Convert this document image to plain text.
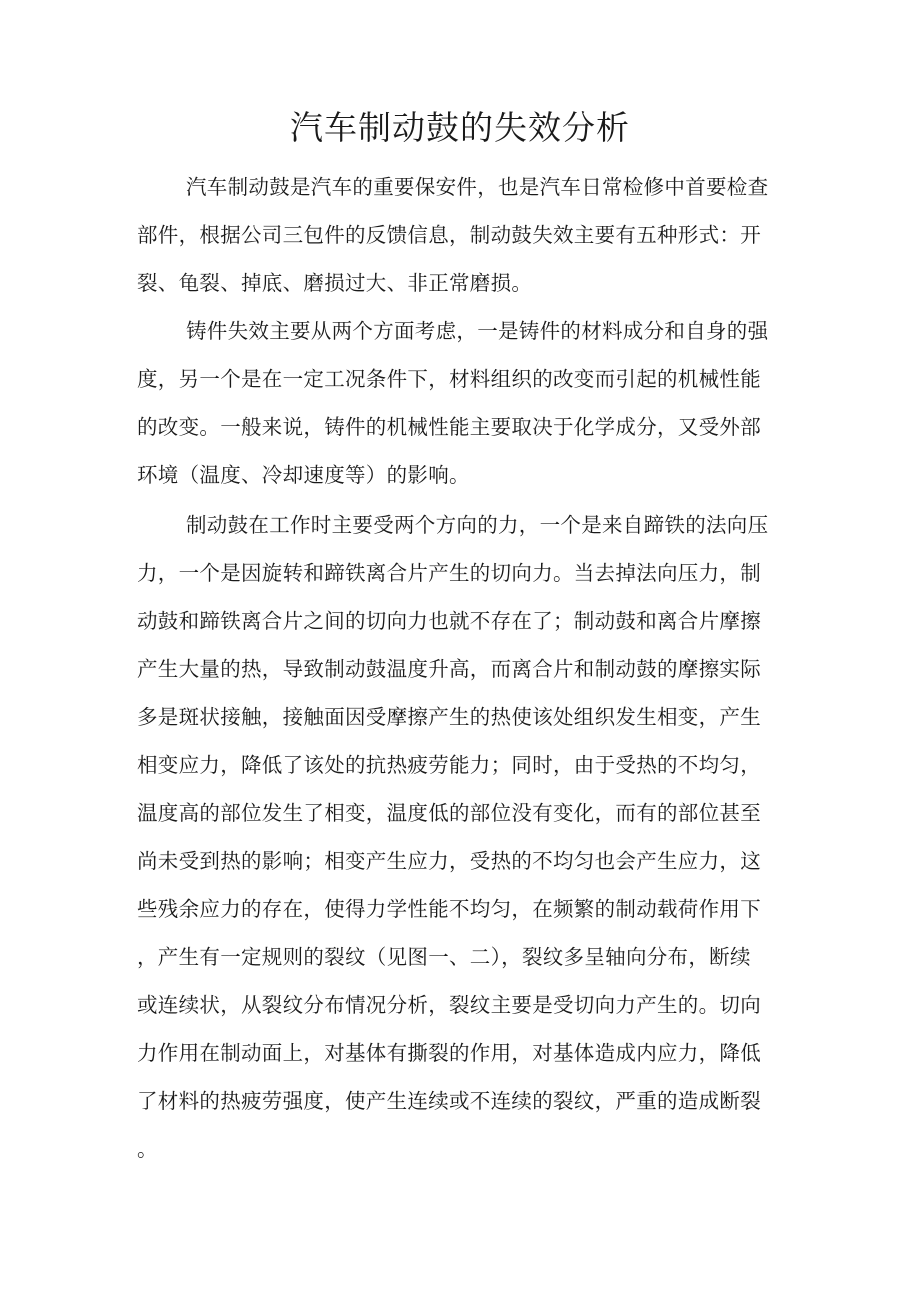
汽车制动鼓的失效分析
汽车制动鼓是汽车的重要保安件，也是汽车日常检修中首要检查
部件，根据公司三包件的反馈信息，制动鼓失效主要有五种形式：开
裂、龟裂、掉底、磨损过大、非正常磨损。
铸件失效主要从两个方面考虑，一是铸件的材料成分和自身的强
度，另一个是在一定工况条件下，材料组织的改变而引起的机械性能
的改变。一般来说，铸件的机械性能主要取决于化学成分，又受外部
环境（温度、冷却速度等）的影响。
制动鼓在工作时主要受两个方向的力，一个是来自蹄铁的法向压
力，一个是因旋转和蹄铁离合片产生的切向力。当去掉法向压力，制
动鼓和蹄铁离合片之间的切向力也就不存在了；制动鼓和离合片摩擦
产生大量的热，导致制动鼓温度升高，而离合片和制动鼓的摩擦实际
多是斑状接触，接触面因受摩擦产生的热使该处组织发生相变，产生
相变应力，降低了该处的抗热疲劳能力；同时，由于受热的不均匀，
温度高的部位发生了相变，温度低的部位没有变化，而有的部位甚至
尚未受到热的影响；相变产生应力，受热的不均匀也会产生应力，这
些残余应力的存在，使得力学性能不均匀，在频繁的制动载荷作用下
，产生有一定规则的裂纹（见图一、二），裂纹多呈轴向分布，断续
或连续状，从裂纹分布情况分析，裂纹主要是受切向力产生的。切向
力作用在制动面上，对基体有撕裂的作用，对基体造成内应力，降低
了材料的热疲劳强度，使产生连续或不连续的裂纹，严重的造成断裂
。
